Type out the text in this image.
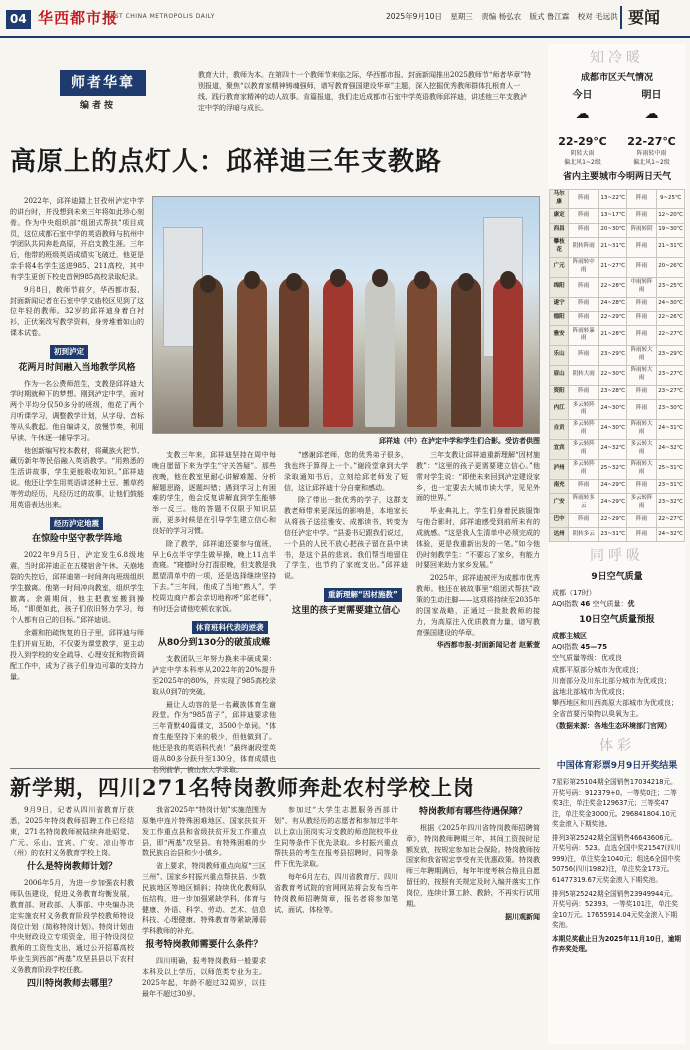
04 华西都市报
WEST CHINA METROPOLIS DAILY	2025年9月10日 星期三 责编 杨弘农 版式 鲁江霖 校对 毛远洪 要闻
师者华章
编者按
教育大计，教师为本。在第四十一个教师节来临之际，华西都市报、封面新闻推出2025教师节“师者华章”特别报道，聚焦“以教育家精神铸魂强师，谱写教育强国建设华章”主题，深入挖掘优秀教师群体扎根育人一线、践行教育家精神的动人故事。肯篇报道，我们走近成都市石室中学英语教师邱祥迪，讲述他三年支教泸定中学的浮暗与成长。
高原上的点灯人：邱祥迪三年支教路

2022年，邱祥迪踏上甘孜州泸定中学的讲台时，并没想到未来三年将如此珍心刻骨。作为中央组织部“组团式帮扶”项目成员，这位成都石室中学的英语教师与杭州中学团队共同奔赴高原，开启支教生涯。三年后，他带的班级英语成绩实飞破迁，他更是亲手将4名学生送进985、211高校，其中有学生更创下校史首例985高校录取纪录。

9月8日，教师节前夕，华西都市报、封面新闻记者在石室中学文庙校区见到了这位年轻的教师。32岁的邱祥迪身着白衬衫，正伏案改写教学资料，身旁堆着如山的课本试卷。

初到泸定
花两月时间融入当地教学风格

作为一名公费师范生，支教是邱祥迪大学时期就种下的梦想。刚到泸定中学，面对两个平均分仅50多分的班级，他花了两个月听课学习，调整教学计划，从字母、音标等从头教起。他自编讲义，放慢节奏，利用早读、午休逐一辅导学习。

他创新编写校本教材，将藏族火把节、藏历新年等民俗融入英语教学。“用熟悉的生活讲故事，学生更能吸收知识。”邱祥迪说。他还让学生用英语讲述种土豆、搬草药等劳动经历，凡经历过的故事，让他们鼓能用英语表达出来。

经历泸定地震
在惊险中坚守教学阵地

2022年9月5日，泸定发生6.8级地震，当时邱祥迪正在五楼宿舍午休。天崩地裂的失控后，邱祥迪第一时间奔向班级组织学生撤离。他第一时间冲向教室，组织学生撤离。余震期间，他主把教室搬到操场，“即便如此，孩子们依旧努力学习，每个人都有自己的目标。”邱祥迪说。

余震和拍疏恢复的日子里，邱祥迪与师生们并肩互助，不仅要为课堂教学，更主动投入到学校的安全疏导、心理安抚和物资调配工作中，成为了孩子们身边可靠的支持力量。

邱祥迪（中）在泸定中学和学生们合影。受访者供图

支教三年来，邱祥迪坚持在周中每晚自愿留下来为学生“守关答疑”。那些夜晚，他在教室里耐心讲解难题、分析解题思路，逐题纠错；遇到学习上有困难的学生，他会反复讲解直到学生能够举一反三。他的答题不仅限于知识层面，更多时候是在引导学生建立信心和良好的学习习惯。

除了教学，邱祥迪还要参与值班，早上6点半守学生做早操，晚上11点半查寝。“寝德时分打混很晚，但支教是我愿望清单中的一项，还是选择继续坚持下去。”三年间，他成了当地“熟人”，学校周边商户都会亲切地称呼“邱老师”，有时还会请他吃顿农家饭。

体育班科代表的逆袭
从80分到130分的破茧成蝶

支教团队三年努力换来丰硕成果：泸定中学本科率从2022年的20%提升至2025年的80%，并实现了985高校录取从0到7的突破。

最让人动容的是一名藏族体育生谢段堂。作为“985苗子”，邱祥迪要求他三年背默40篇课文，3500个单词。“体育生能坚持下来的极少，但他做到了。他还是我的英语科代表！”最终谢段堂英语从80多分跃升至130分，体育成绩也名列前茅，被山东大学录取。

“感谢邱老师，您的优秀弟子很多，我也终于算得上一个。”谢段堂拿到大学录取通知书后，立刻给邱老师发了短信，这让邱祥迪十分自豪和感动。

除了带出一批优秀的学子，这群支教老师带来更深远的影响是，本地家长从将孩子送往雅安、成都读书，转变为信任泸定中学。“县委书记跟我们说过，一个县的人民不放心把孩子留在县中读书，是这个县的悲哀。我们帮当地留住了学生，也节约了家庭支出。”邱祥迪说。

重新理解“因材施教”
这里的孩子更需要建立信心

三年支教让邱祥迪重新理解“因材施教”：“这里的孩子更需要建立信心。”他常对学生说：“即使未来回到泸定建设家乡，也一定要去大城市读大学，见见外面的世界。”

毕业典礼上，学生们身着民族服饰与他合影时，邱祥迪感受到前所未有的成就感。“这是我人生清单中必须完成的体验，更是我重新出发的一笔。”如今他仍时刻教学生：“不要忘了家乡，有能力时要回来助力家乡发展。”

2025年，邱祥迪被评为成都市优秀教师。他还在被故事里“组团式帮扶”政策的生动注脚——这项将持续至2035年的国家战略，正通过一批批教师的接力，为高原注入优质教育力量，谱写教育强国建设的华章。

华西都市报-封面新闻记者 赵紫萱
新学期，四川271名特岗教师奔赴农村学校上岗

9月9日，记者从四川省教育厅获悉，2025年特岗教师招聘工作已经结束，271名特岗教师被陆续奔赴昭觉、广元、乐山、宜宾、广安、凉山等市（州）的农村义务教育学校上岗。

什么是特岗教师计划？

2006年5月，为进一步加强农村教师队伍建设，促进义务教育均衡发展，教育部、财政部、人事部、中央编办决定实施农村义务教育阶段学校教师特设岗位计划（简称特岗计划）。特岗计划由中央财政设立专项资金，用于特设岗位教师的工资性支出，通过公开招募高校毕业生到西部“两基”攻坚县县以下农村义务教育阶段学校任教。

四川特岗教师去哪里？

我省2025年“特岗计划”实施范围为原集中连片特殊困难地区、国家扶贫开发工作重点县和省级扶贫开发工作重点县，即“两基”攻坚县。有特殊困难的少数民族自治县和少小镇乡。

省上要求，特岗教师重点向原“三区三州”、国家乡村振兴重点帮扶县、少数民族地区等地区倾斜；持续优化教师队伍结构，进一步加强紧缺学科、体育与健康、外语、科学、劳动、艺术、信息科技、心理健康、特殊教育等紧缺薄弱学科教师的补充。

报考特岗教师需要什么条件？

四川明确，报考特岗教师一般要求本科及以上学历，以师范类专业为主。2025年起，年龄不超过32周岁，以往最年不超过30岁。

参加过“大学生志愿服务西部计划”、有从教经历的志愿者和参加过半年以上京山顶岗实习支教的师范院校毕业生同等条件下优先录取。乡村振兴重点帮扶县的考生在报考县招聘时，同等条件下优先录取。

每年6月左右，四川省教育厅、四川省教育考试院的官网网站将会发布当年特岗教师招聘简章，报名者将参加笔试、面试、体检等。

特岗教师有哪些待遇保障？

根据《2025年四川省特岗教师招聘简章》，特岗教师聘期三年，其间工资按时足额发放，按规定参加社会保险。特岗教师按国家和我省规定享受有关优惠政策。特岗教师三年聘期满后，每年年度考核合格且自愿留任的，按照有关规定及时入编并落实工作岗位，连续计算工龄、教龄，不再实行试用期。

据川观新闻
知冷暖
成都市区天气情况
今日
☁
22-29℃
阴转大雨
偏北风1~2级
明日
☁
22-27℃
阵雨转中雨
偏北风1~2级
省内主要城市今明两日天气
马尔康	阵雨	13~22℃	阵雨	9~25℃
康定	阵雨	13~17℃	阵雨	12~20℃
西昌	阵雨	20~30℃	阵雨转阴	19~30℃
攀枝花	阴转阵雨	21~31℃	阵雨	21~31℃
广元	阵雨转中雨	21~27℃	阵雨	20~26℃
绵阳	阵雨	22~28℃	中雨转阵雨	23~25℃
遂宁	阵雨	24~28℃	阵雨	24~30℃
德阳	阵雨	22~29℃	阵雨	22~26℃
雅安	阵雨转暴雨	21~28℃	阵雨	22~27℃
乐山	阵雨	23~29℃	阵雨转大雨	23~29℃
眉山	阴转大雨	22~30℃	阵雨转大雨	23~27℃
资阳	阵雨	23~28℃	阵雨	23~27℃
内江	多云转阵雨	24~30℃	阵雨	23~30℃
自贡	多云转阵雨	24~30℃	阵雨转大雨	24~31℃
宜宾	多云转阵雨	24~32℃	多云转大雨	24~32℃
泸州	多云转阵雨	25~32℃	阵雨转大雨	25~31℃
南充	阵雨	24~29℃	阵雨	23~31℃
广安	阵雨转多云	24~29℃	多云转阵雨	23~32℃
巴中	阵雨	22~29℃	阵雨	22~27℃
达州	阴转多云	23~31℃	阵雨	24~32℃
同呼吸
9日空气质量
成都（17时）
AQI指数 46 空气质量：优
10日空气质量预报
成都主城区
AQI指数 45—75
空气质量等级：优或良
成都平原部分城市为优或良；
川南部分及川东北部分城市为优或良；
盆地北部城市为优或良；
攀西地区和川西高原大部城市为优或良；
全省首要污染物以臭氧为主。
（数据来源：各地生态环境部门官网）
体彩
中国体育彩票9月9日开奖结果

7星彩第25104期全国销售17034218元。开奖号码：912379+0。一等奖0注；二等奖3注，单注奖金129637元；三等奖47注，单注奖金3000元。296841804.10元奖金滚入下期奖池。

排列3第25242期全国销售46643606元。开奖号码：523。直选全国中奖21547(四川999)注，单注奖金1040元；组选6全国中奖50756(四川1982)注，单注奖金173元。61477319.67元奖金滚入下期奖池。

排列5第25242期全国销售23949944元。开奖号码：52393。一等奖101注，单注奖金10万元。17655914.04元奖金滚入下期奖池。

本期兑奖截止日为2025年11月10日，逾期作弃奖处理。
